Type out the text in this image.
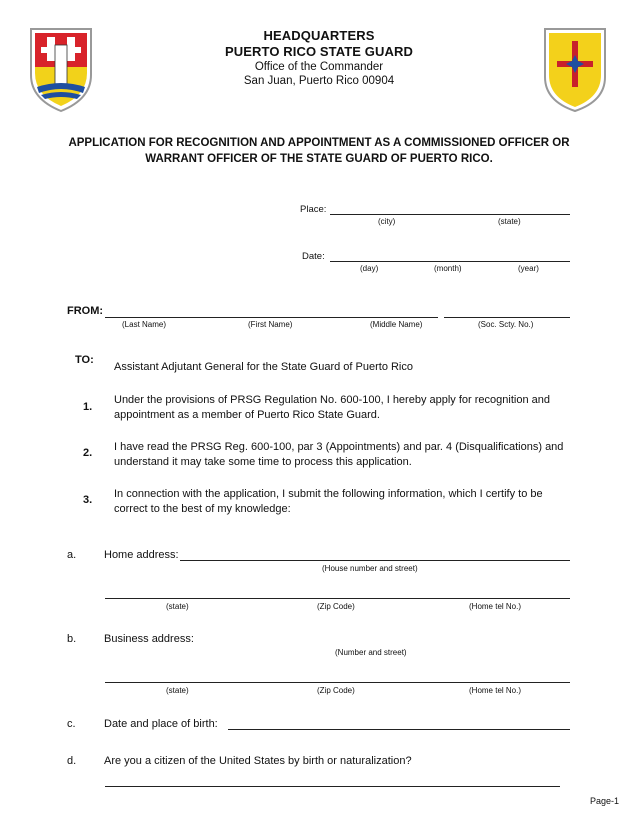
HEADQUARTERS
PUERTO RICO STATE GUARD
Office of the Commander
San Juan, Puerto Rico 00904
APPLICATION FOR RECOGNITION AND APPOINTMENT AS A COMMISSIONED OFFICER OR
WARRANT OFFICER OF THE STATE GUARD OF PUERTO RICO.
Place:
(city)	(state)
Date:
(day)	(month)	(year)
FROM:
(Last Name)	(First Name)	(Middle Name)	(Soc. Scty. No.)
TO:
Assistant Adjutant General for the State Guard of Puerto Rico
1.
Under the provisions of PRSG Regulation No. 600-100, I hereby apply for recognition and
appointment as a member of Puerto Rico State Guard.
2. I have read the PRSG Reg. 600-100, par 3 (Appointments) and par. 4 (Disqualifications) and
understand it may take some time to process this application.
3. In connection with the application, I submit the following information, which I certify to be
correct to the best of my knowledge:
a.	Home address:
(House number and street)
(state)	(Zip Code)	(Home tel No.)
b.	Business address:
(Number and street)
(state)	(Zip Code)	(Home tel No.)
c.	Date and place of birth:
d.	Are you a citizen of the United States by birth or naturalization?
Page-1
